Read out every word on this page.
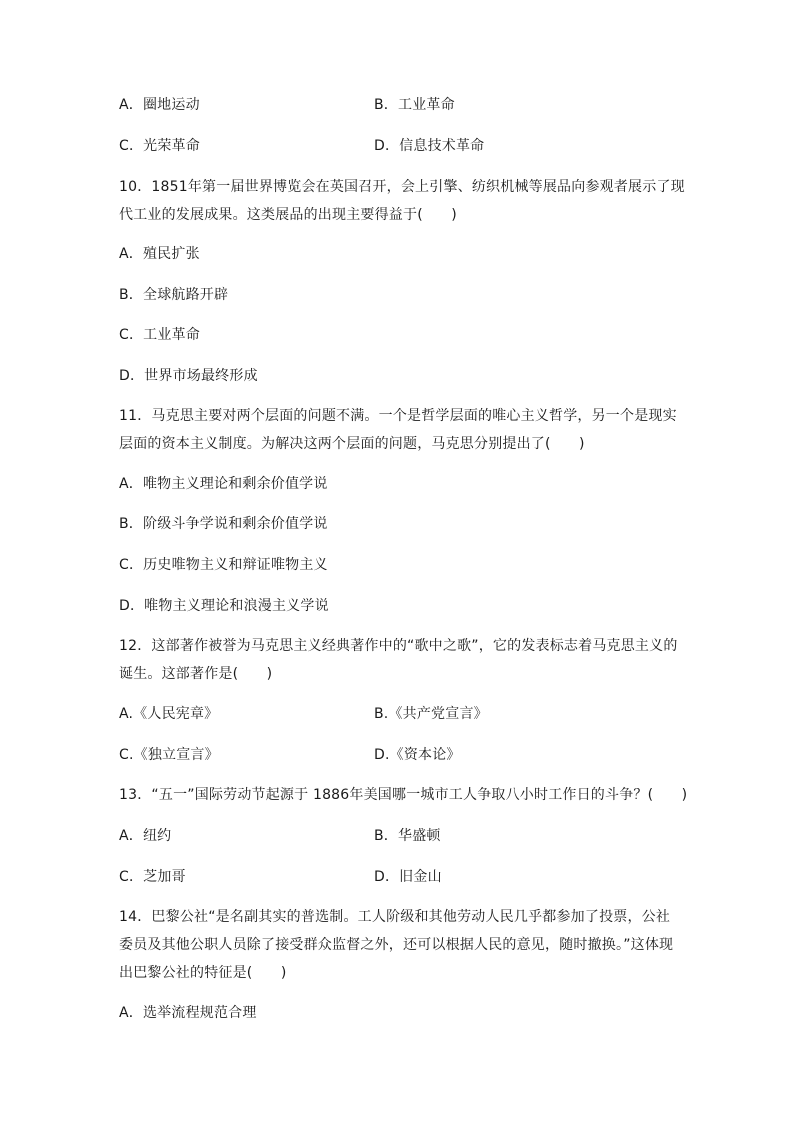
A．圈地运动	B．工业革命
C．光荣革命	D．信息技术革命
10．1851年第一届世界博览会在英国召开，会上引擎、纺织机械等展品向参观者展示了现
代工业的发展成果。这类展品的出现主要得益于(　　)
A．殖民扩张
B．全球航路开辟
C．工业革命
D．世界市场最终形成
11．马克思主要对两个层面的问题不满。一个是哲学层面的唯心主义哲学，另一个是现实
层面的资本主义制度。为解决这两个层面的问题，马克思分别提出了(　　)
A．唯物主义理论和剩余价值学说
B．阶级斗争学说和剩余价值学说
C．历史唯物主义和辩证唯物主义
D．唯物主义理论和浪漫主义学说
12．这部著作被誉为马克思主义经典著作中的“歌中之歌”，它的发表标志着马克思主义的
诞生。这部著作是(　　)
A.《人民宪章》	B.《共产党宣言》
C.《独立宣言》	D.《资本论》
13．“五一”国际劳动节起源于 1886年美国哪一城市工人争取八小时工作日的斗争？(　　)
A．纽约	B．华盛顿
C．芝加哥	D．旧金山
14．巴黎公社“是名副其实的普选制。工人阶级和其他劳动人民几乎都参加了投票，公社
委员及其他公职人员除了接受群众监督之外，还可以根据人民的意见，随时撤换。”这体现
出巴黎公社的特征是(　　)
A．选举流程规范合理
